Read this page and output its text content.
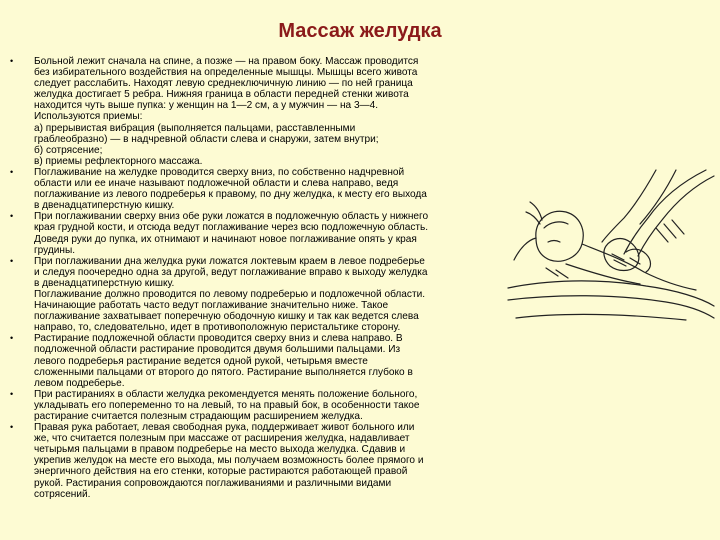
Массаж желудка
• Больной лежит сначала на спине, а позже — на правом боку. Массаж проводится
без избирательного воздействия на определенные мышцы. Мышцы всего живота
следует расслабить. Находят левую среднеключичную линию — по ней граница
желудка достигает 5 ребра. Нижняя граница в области передней стенки живота
находится чуть выше пупка: у женщин на 1—2 см, а у мужчин — на 3—4.
Используются приемы:
а) прерывистая вибрация (выполняется пальцами, расставленными
граблеобразно) — в надчревной области слева и снаружи, затем внутри;
б) сотрясение;
в) приемы рефлекторного массажа.
• Поглаживание на желудке проводится сверху вниз, по собственно надчревной
области или ее иначе называют подложечной области и слева направо, ведя
поглаживание из левого подреберья к правому, по дну желудка, к месту его выхода
в двенадцатиперстную кишку.
• При поглаживании сверху вниз обе руки ложатся в подложечную область у нижнего
края грудной кости, и отсюда ведут поглаживание через всю подложечную область.
Доведя руки до пупка, их отнимают и начинают новое поглаживание опять у края
грудины.
• При поглаживании дна желудка руки ложатся локтевым краем в левое подреберье
и следуя поочередно одна за другой, ведут поглаживание вправо к выходу желудка
в двенадцатиперстную кишку.
Поглаживание должно проводится по левому подреберью и подложечной области.
Начинающие работать часто ведут поглаживание значительно ниже. Такое
поглаживание захватывает поперечную ободочную кишку и так как ведется слева
направо, то, следовательно, идет в противоположную перистальтике сторону.
• Растирание подложечной области проводится сверху вниз и слева направо. В
подложечной области растирание проводится двумя большими пальцами. Из
левого подреберья растирание ведется одной рукой, четырьмя вместе
сложенными пальцами от второго до пятого. Растирание выполняется глубоко в
левом подреберье.
• При растираниях в области желудка рекомендуется менять положение больного,
укладывать его попеременно то на левый, то на правый бок, в особенности такое
растирание считается полезным страдающим расширением желудка.
• Правая рука работает, левая свободная рука, поддерживает живот больного или
же, что считается полезным при массаже от расширения желудка, надавливает
четырьмя пальцами в правом подреберье на место выхода желудка. Сдавив и
укрепив желудок на месте его выхода, мы получаем возможность более прямого и
энергичного действия на его стенки, которые растираются работающей правой
рукой. Растирания сопровождаются поглаживаниями и различными видами
сотрясений.
